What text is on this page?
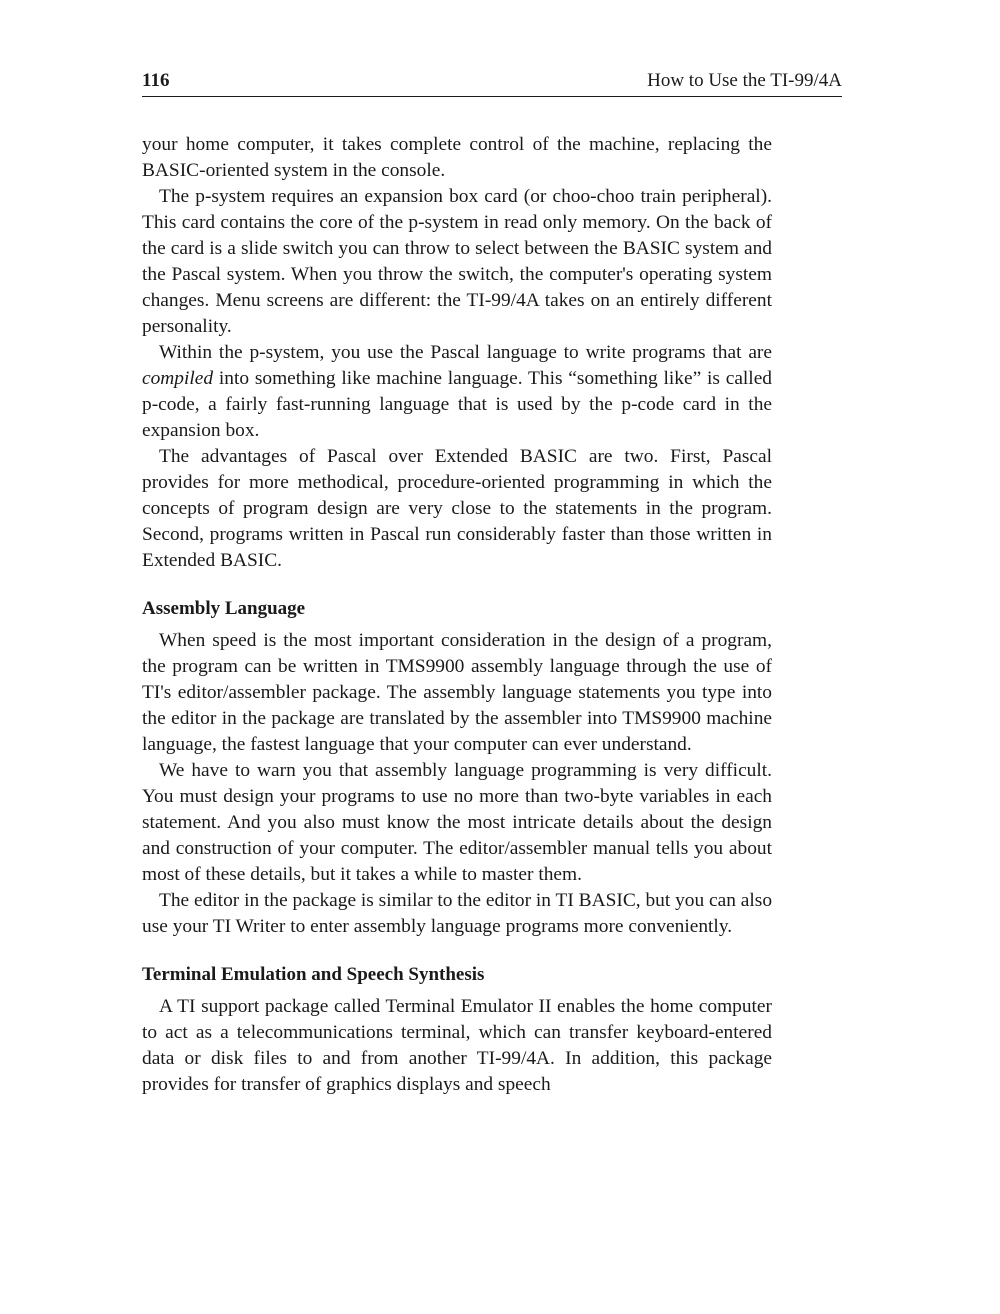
116	How to Use the TI-99/4A

your home computer, it takes complete control of the machine, replacing the BASIC-oriented system in the console.

The p-system requires an expansion box card (or choo-choo train peripheral). This card contains the core of the p-system in read only memory. On the back of the card is a slide switch you can throw to select between the BASIC system and the Pascal system. When you throw the switch, the computer's operating system changes. Menu screens are different: the TI-99/4A takes on an entirely different personality.

Within the p-system, you use the Pascal language to write programs that are compiled into something like machine language. This “something like” is called p-code, a fairly fast-running language that is used by the p-code card in the expansion box.

The advantages of Pascal over Extended BASIC are two. First, Pascal provides for more methodical, procedure-oriented programming in which the concepts of program design are very close to the statements in the program. Second, programs written in Pascal run considerably faster than those written in Extended BASIC.

Assembly Language

When speed is the most important consideration in the design of a program, the program can be written in TMS9900 assembly language through the use of TI's editor/assembler package. The assembly language statements you type into the editor in the package are translated by the assembler into TMS9900 machine language, the fastest language that your computer can ever understand.

We have to warn you that assembly language programming is very difficult. You must design your programs to use no more than two-byte variables in each statement. And you also must know the most intricate details about the design and construction of your computer. The editor/assembler manual tells you about most of these details, but it takes a while to master them.

The editor in the package is similar to the editor in TI BASIC, but you can also use your TI Writer to enter assembly language programs more conveniently.

Terminal Emulation and Speech Synthesis

A TI support package called Terminal Emulator II enables the home computer to act as a telecommunications terminal, which can transfer keyboard-entered data or disk files to and from another TI-99/4A. In addition, this package provides for transfer of graphics displays and speech
